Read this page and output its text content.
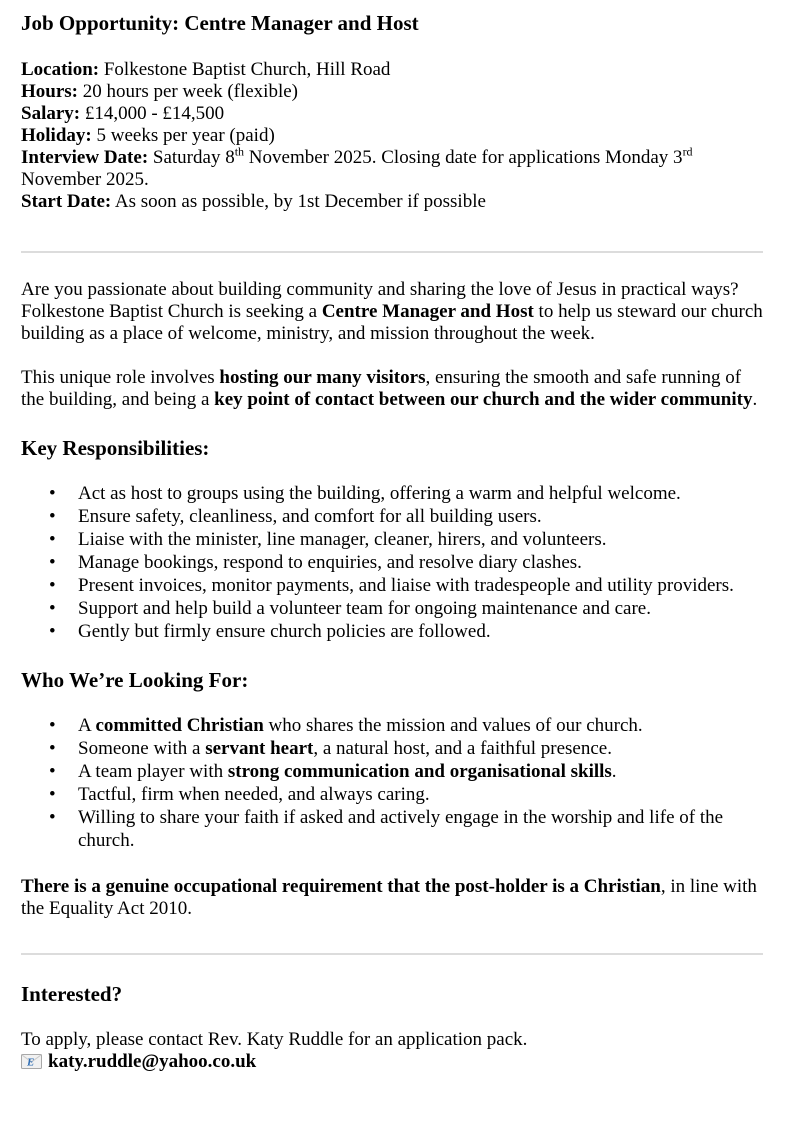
Job Opportunity: Centre Manager and Host

Location: Folkestone Baptist Church, Hill Road

Hours: 20 hours per week (flexible)

Salary: £14,000 - £14,500

Holiday: 5 weeks per year (paid)

Interview Date: Saturday 8th November 2025. Closing date for applications Monday 3rd November 2025.

Start Date: As soon as possible, by 1st December if possible

Are you passionate about building community and sharing the love of Jesus in practical ways?
Folkestone Baptist Church is seeking a Centre Manager and Host to help us steward our church building as a place of welcome, ministry, and mission throughout the week.

This unique role involves hosting our many visitors, ensuring the smooth and safe running of the building, and being a key point of contact between our church and the wider community.

Key Responsibilities:
• Act as host to groups using the building, offering a warm and helpful welcome.
• Ensure safety, cleanliness, and comfort for all building users.
• Liaise with the minister, line manager, cleaner, hirers, and volunteers.
• Manage bookings, respond to enquiries, and resolve diary clashes.
• Present invoices, monitor payments, and liaise with tradespeople and utility providers.
• Support and help build a volunteer team for ongoing maintenance and care.
• Gently but firmly ensure church policies are followed.
Who We’re Looking For:
• A committed Christian who shares the mission and values of our church.
• Someone with a servant heart, a natural host, and a faithful presence.
• A team player with strong communication and organisational skills.
• Tactful, firm when needed, and always caring.
• Willing to share your faith if asked and actively engage in the worship and life of the church.

There is a genuine occupational requirement that the post-holder is a Christian, in line with the Equality Act 2010.

Interested?

To apply, please contact Rev. Katy Ruddle for an application pack.

E katy.ruddle@yahoo.co.uk
